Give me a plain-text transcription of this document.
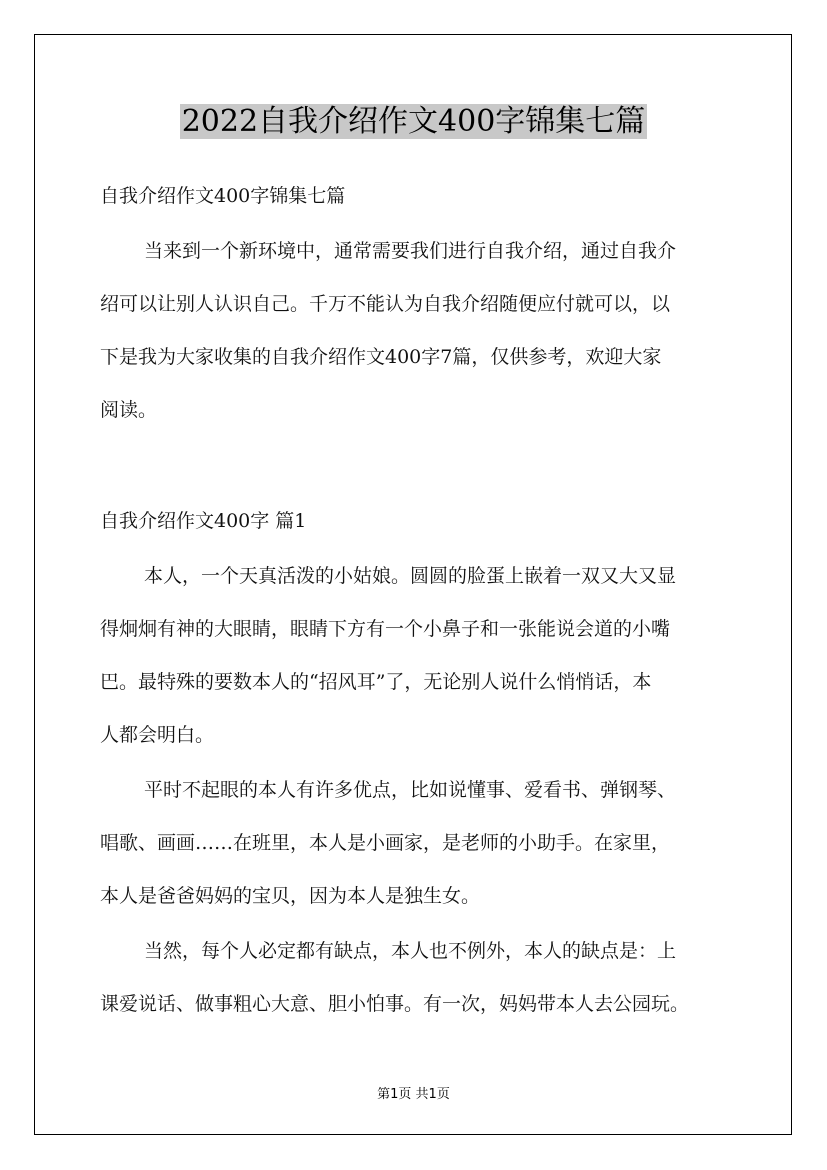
2022自我介绍作文400字锦集七篇
自我介绍作文400字锦集七篇
当来到一个新环境中，通常需要我们进行自我介绍，通过自我介
绍可以让别人认识自己。千万不能认为自我介绍随便应付就可以，以
下是我为大家收集的自我介绍作文400字7篇，仅供参考，欢迎大家
阅读。
自我介绍作文400字 篇1
本人，一个天真活泼的小姑娘。圆圆的脸蛋上嵌着一双又大又显
得炯炯有神的大眼睛，眼睛下方有一个小鼻子和一张能说会道的小嘴
巴。最特殊的要数本人的“招风耳”了，无论别人说什么悄悄话，本
人都会明白。
平时不起眼的本人有许多优点，比如说懂事、爱看书、弹钢琴、
唱歌、画画……在班里，本人是小画家，是老师的小助手。在家里，
本人是爸爸妈妈的宝贝，因为本人是独生女。
当然，每个人必定都有缺点，本人也不例外，本人的缺点是：上
课爱说话、做事粗心大意、胆小怕事。有一次，妈妈带本人去公园玩。
第1页 共1页
